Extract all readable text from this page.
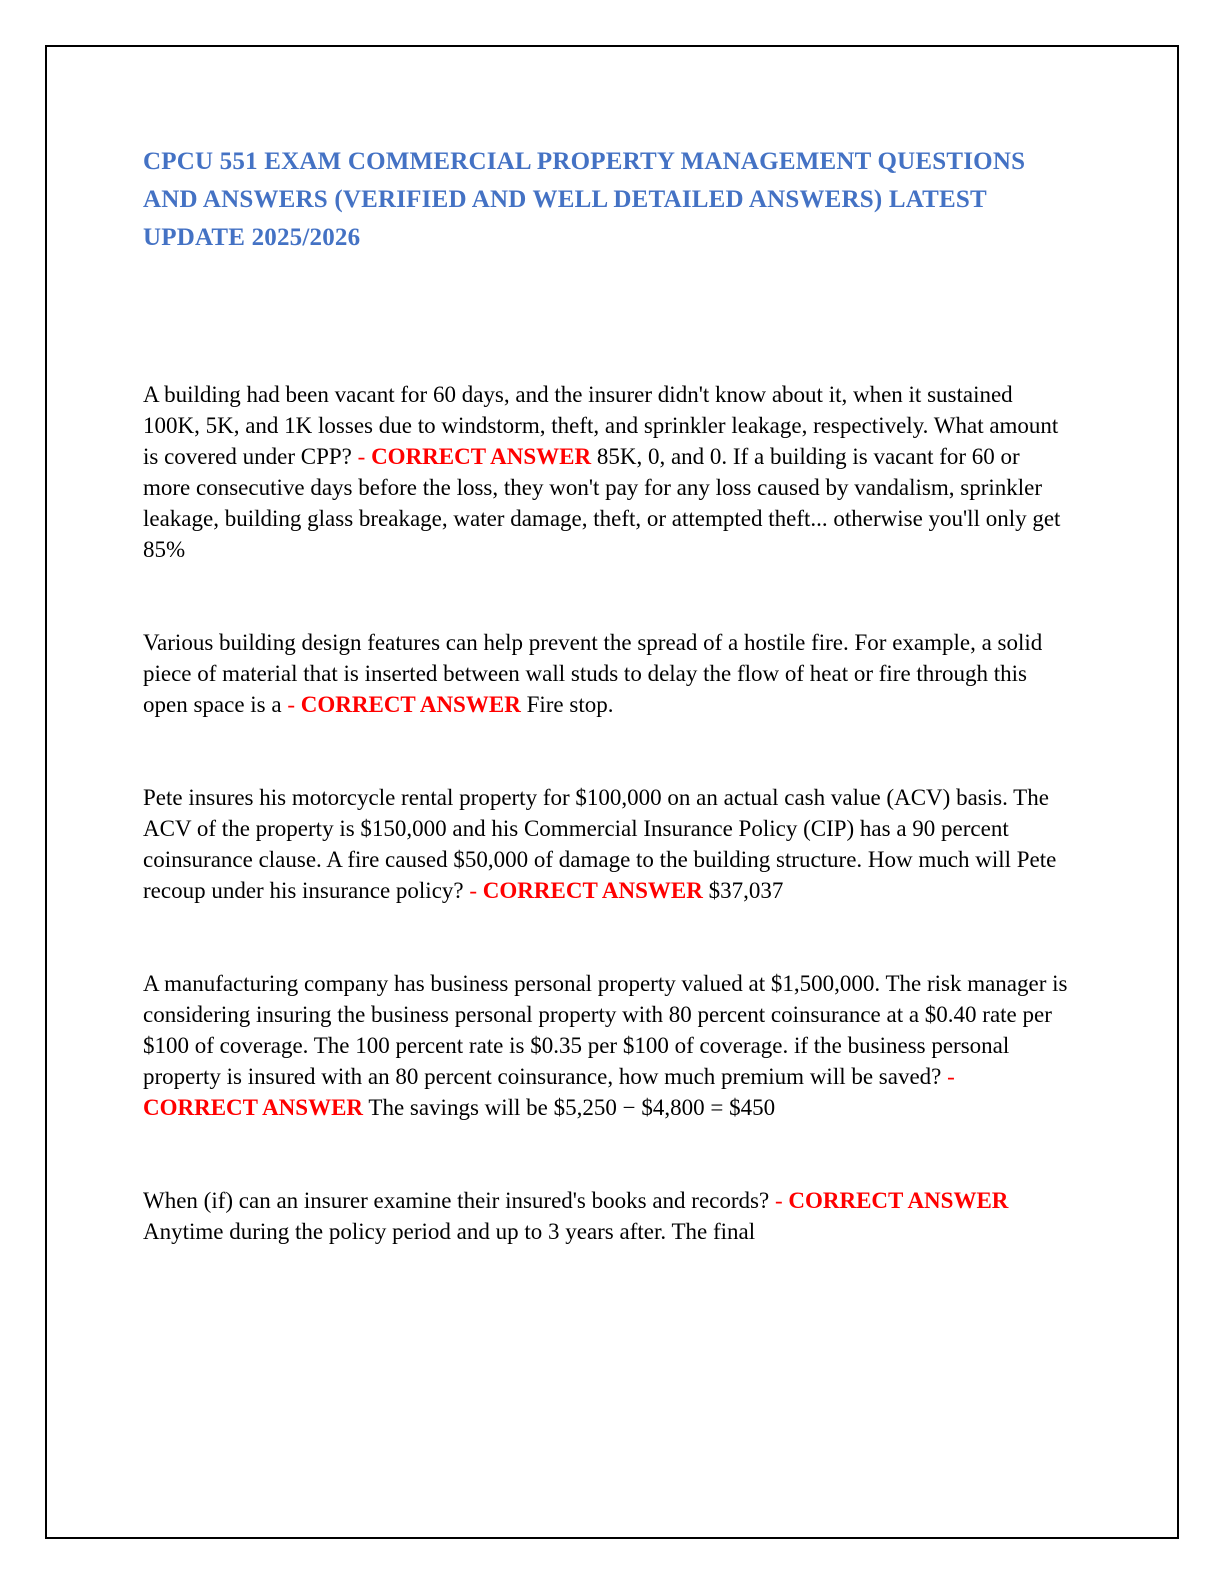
CPCU 551 EXAM COMMERCIAL PROPERTY MANAGEMENT QUESTIONS AND ANSWERS (VERIFIED AND WELL DETAILED ANSWERS) LATEST UPDATE 2025/2026

A building had been vacant for 60 days, and the insurer didn't know about it, when it sustained 100K, 5K, and 1K losses due to windstorm, theft, and sprinkler leakage, respectively. What amount is covered under CPP? - CORRECT ANSWER 85K, 0, and 0. If a building is vacant for 60 or more consecutive days before the loss, they won't pay for any loss caused by vandalism, sprinkler leakage, building glass breakage, water damage, theft, or attempted theft... otherwise you'll only get 85%

Various building design features can help prevent the spread of a hostile fire. For example, a solid piece of material that is inserted between wall studs to delay the flow of heat or fire through this open space is a - CORRECT ANSWER Fire stop.

Pete insures his motorcycle rental property for $100,000 on an actual cash value (ACV) basis. The ACV of the property is $150,000 and his Commercial Insurance Policy (CIP) has a 90 percent coinsurance clause. A fire caused $50,000 of damage to the building structure. How much will Pete recoup under his insurance policy? - CORRECT ANSWER $37,037

A manufacturing company has business personal property valued at $1,500,000. The risk manager is considering insuring the business personal property with 80 percent coinsurance at a $0.40 rate per $100 of coverage. The 100 percent rate is $0.35 per $100 of coverage. if the business personal property is insured with an 80 percent coinsurance, how much premium will be saved? - CORRECT ANSWER The savings will be $5,250 − $4,800 = $450

When (if) can an insurer examine their insured's books and records? - CORRECT ANSWER Anytime during the policy period and up to 3 years after. The final
